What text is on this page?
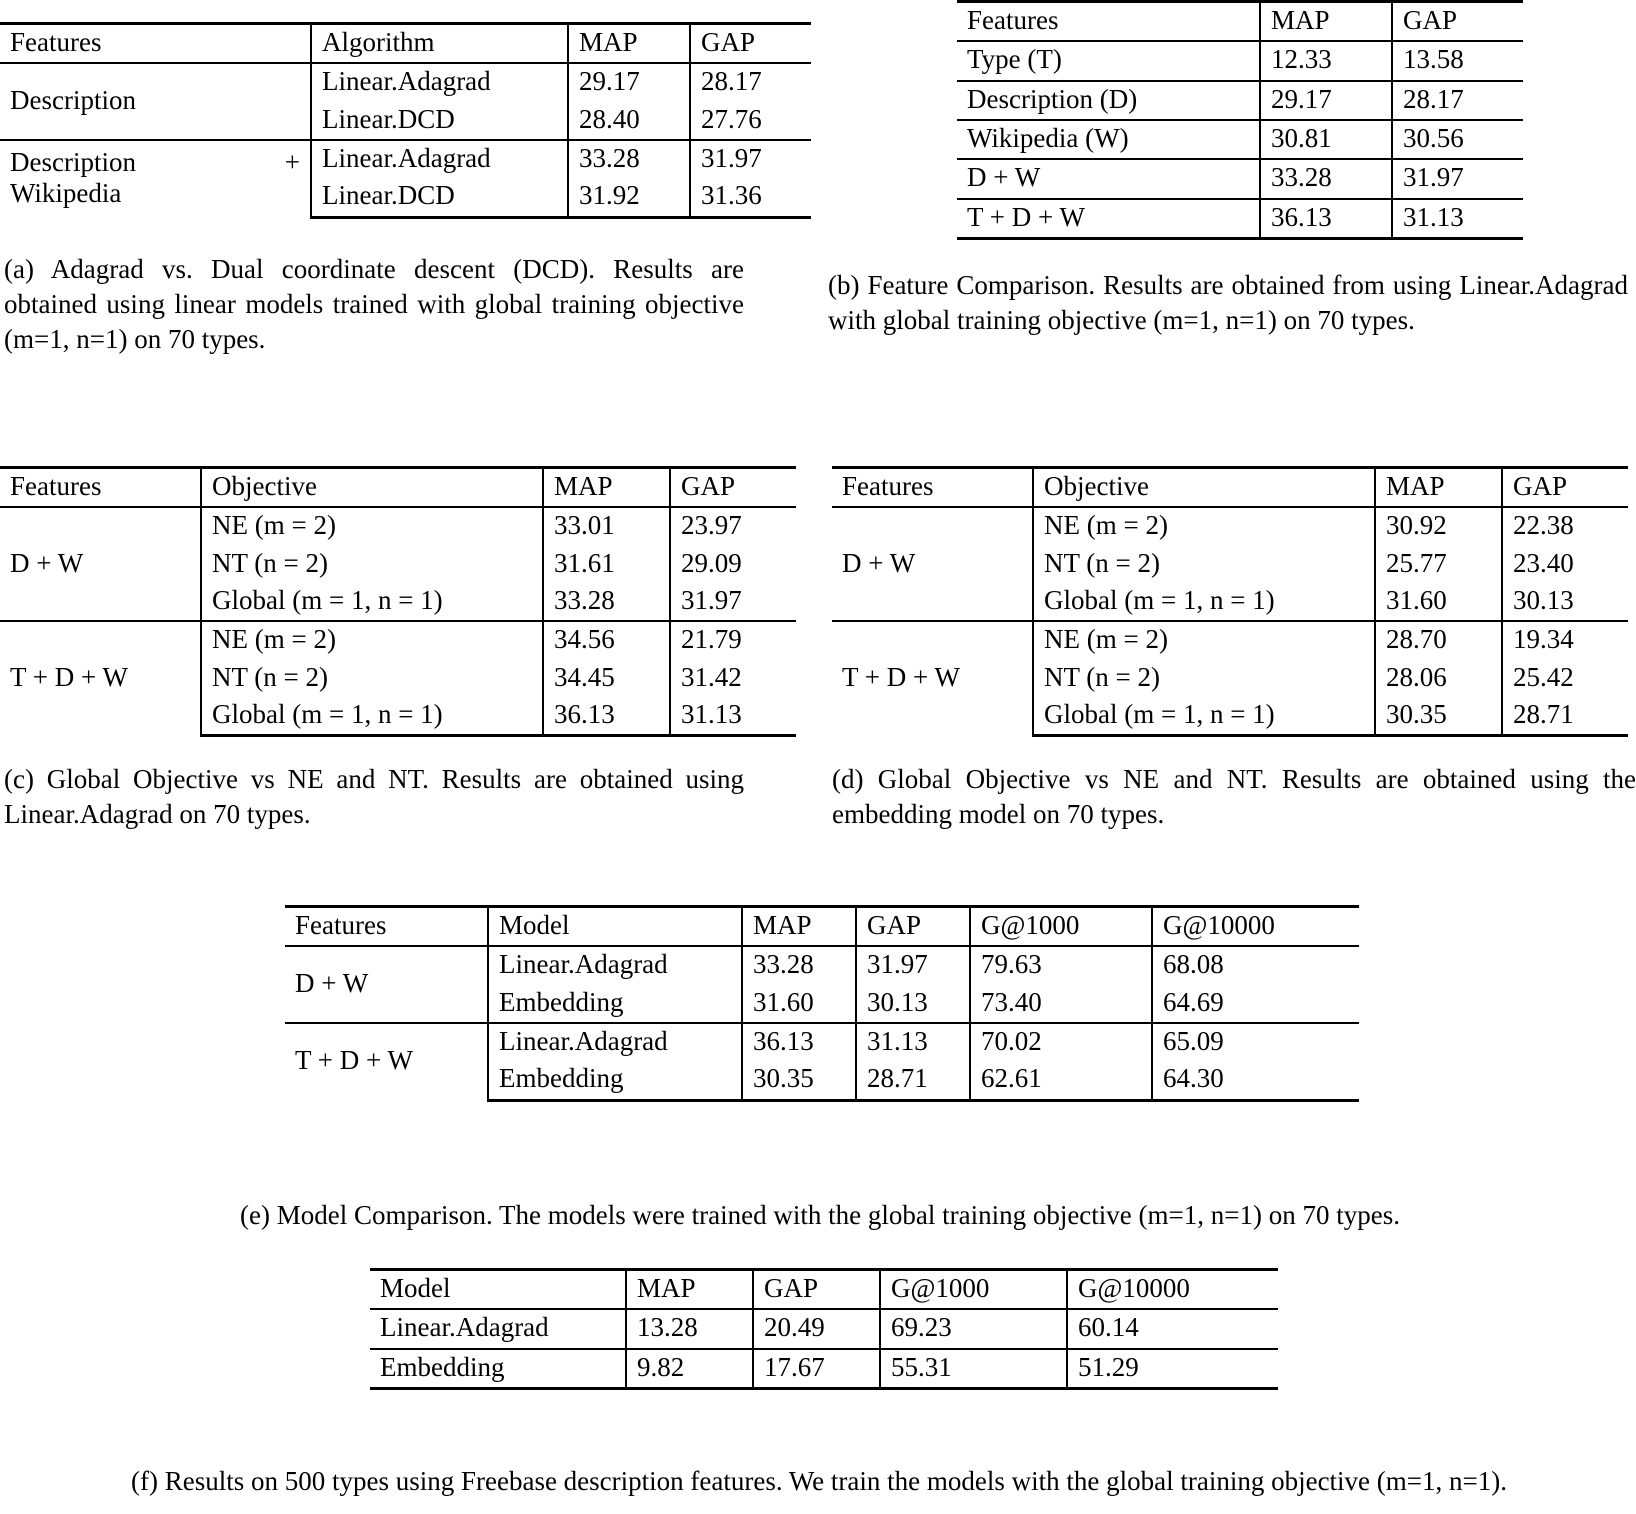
Features	Algorithm	MAP	GAP
Description	Linear.Adagrad	29.17	28.17
	Linear.DCD	28.40	27.76

Description +
Wikipedia	Linear.Adagrad	33.28	31.97
	Linear.DCD	31.92	31.36
(a) Adagrad vs. Dual coordinate descent (DCD). Results are obtained using linear models trained with global training objective (m=1, n=1) on 70 types.
Features	MAP	GAP
Type (T)	12.33	13.58
Description (D)	29.17	28.17
Wikipedia (W)	30.81	30.56
D + W	33.28	31.97
T + D + W	36.13	31.13
(b) Feature Comparison. Results are obtained from using Linear.Adagrad with global training objective (m=1, n=1) on 70 types.
Features	Objective	MAP	GAP
D + W	NE (m = 2)	33.01	23.97
	NT (n = 2)	31.61	29.09
	Global (m = 1, n = 1)	33.28	31.97
T + D + W	NE (m = 2)	34.56	21.79
	NT (n = 2)	34.45	31.42
	Global (m = 1, n = 1)	36.13	31.13
(c) Global Objective vs NE and NT. Results are obtained using Linear.Adagrad on 70 types.
Features	Objective	MAP	GAP
D + W	NE (m = 2)	30.92	22.38
	NT (n = 2)	25.77	23.40
	Global (m = 1, n = 1)	31.60	30.13
T + D + W	NE (m = 2)	28.70	19.34
	NT (n = 2)	28.06	25.42
	Global (m = 1, n = 1)	30.35	28.71
(d) Global Objective vs NE and NT. Results are obtained using the embedding model on 70 types.
Features	Model	MAP	GAP	G@1000	G@10000
D + W	Linear.Adagrad	33.28	31.97	79.63	68.08
	Embedding	31.60	30.13	73.40	64.69
T + D + W	Linear.Adagrad	36.13	31.13	70.02	65.09
	Embedding	30.35	28.71	62.61	64.30
(e) Model Comparison. The models were trained with the global training objective (m=1, n=1) on 70 types.
Model	MAP	GAP	G@1000	G@10000
Linear.Adagrad	13.28	20.49	69.23	60.14
Embedding	9.82	17.67	55.31	51.29
(f) Results on 500 types using Freebase description features. We train the models with the global training objective (m=1, n=1).
